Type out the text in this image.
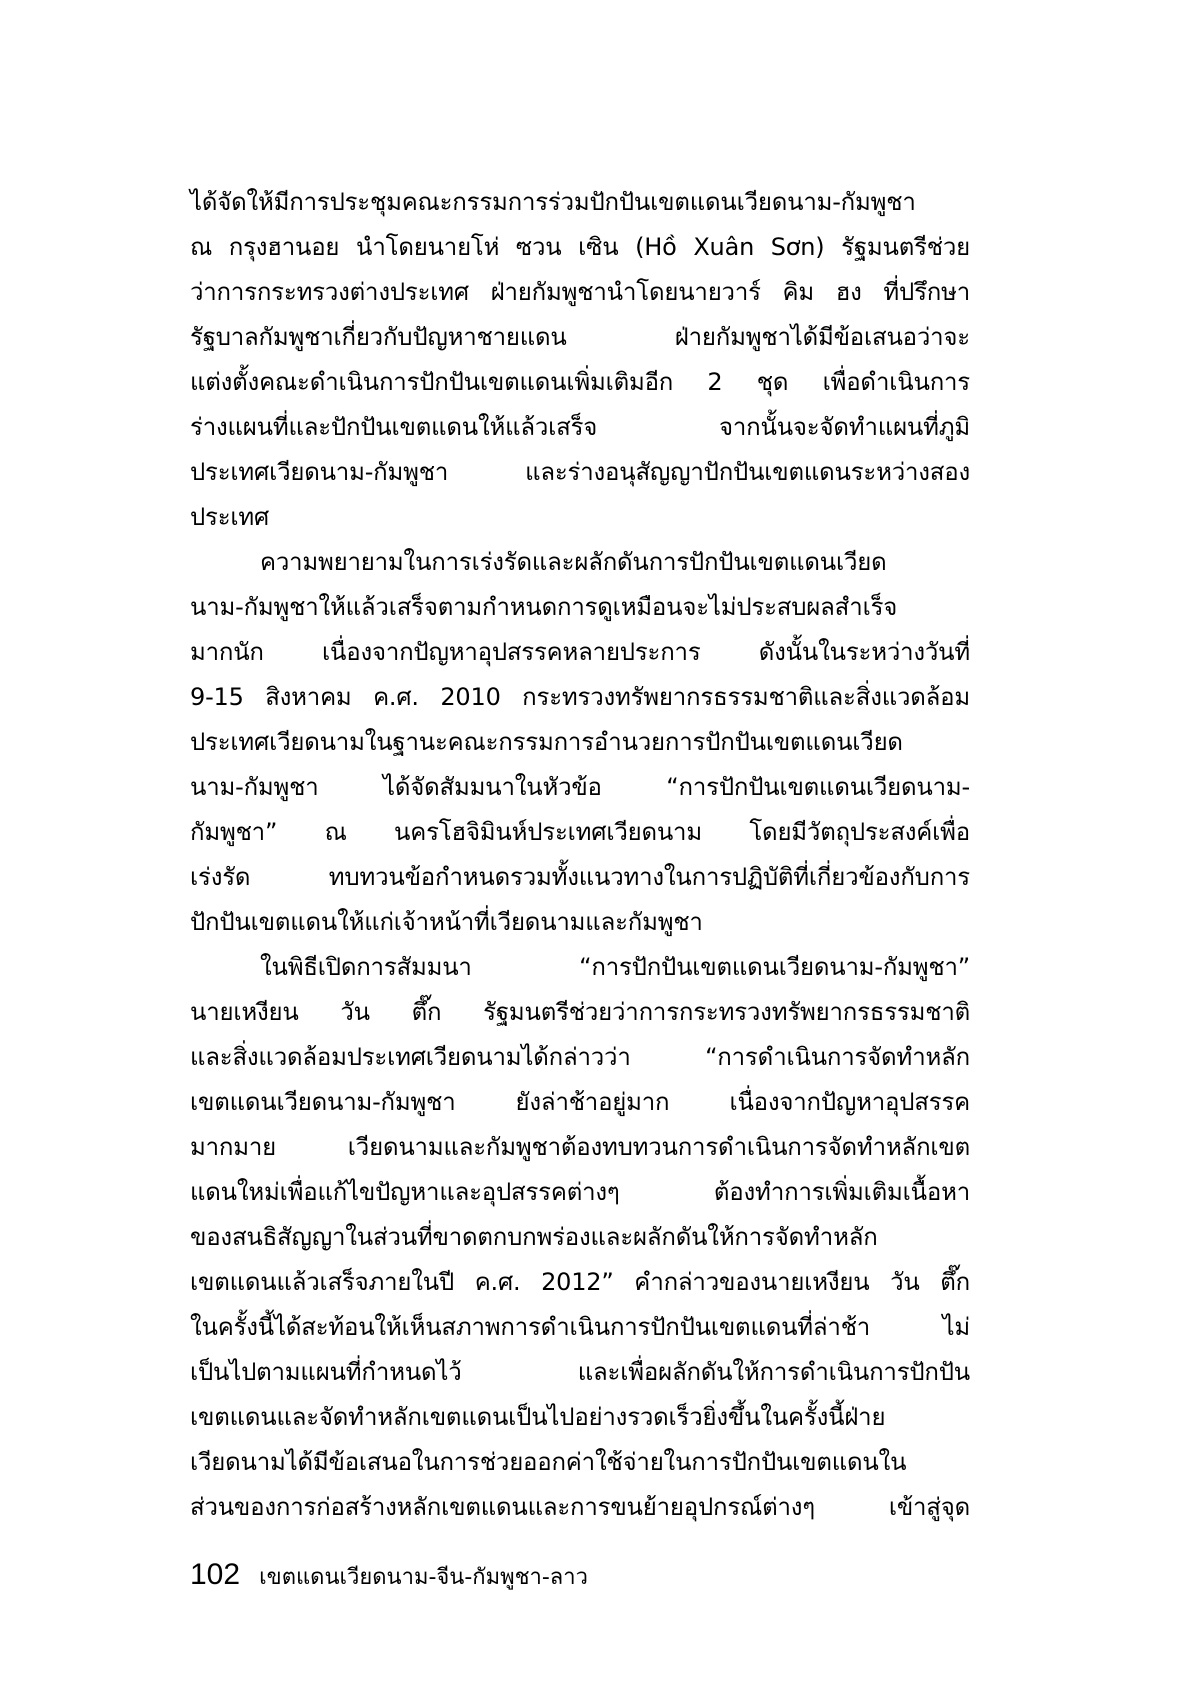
ได้จัดให้มีการประชุมคณะกรรมการร่วมปักปันเขตแดนเวียดนาม-กัมพูชา
ณ กรุงฮานอย นำโดยนายโห่ ซวน เซิน (Hồ Xuân Sơn) รัฐมนตรีช่วย
ว่าการกระทรวงต่างประเทศ ฝ่ายกัมพูชานำโดยนายวาร์ คิม ฮง ที่ปรึกษา
รัฐบาลกัมพูชาเกี่ยวกับปัญหาชายแดน ฝ่ายกัมพูชาได้มีข้อเสนอว่าจะ
แต่งตั้งคณะดำเนินการปักปันเขตแดนเพิ่มเติมอีก 2 ชุด เพื่อดำเนินการ
ร่างแผนที่และปักปันเขตแดนให้แล้วเสร็จ จากนั้นจะจัดทำแผนที่ภูมิ
ประเทศเวียดนาม-กัมพูชา และร่างอนุสัญญาปักปันเขตแดนระหว่างสอง
ประเทศ
ความพยายามในการเร่งรัดและผลักดันการปักปันเขตแดนเวียด
นาม-กัมพูชาให้แล้วเสร็จตามกำหนดการดูเหมือนจะไม่ประสบผลสำเร็จ
มากนัก เนื่องจากปัญหาอุปสรรคหลายประการ ดังนั้นในระหว่างวันที่
9-15 สิงหาคม ค.ศ. 2010 กระทรวงทรัพยากรธรรมชาติและสิ่งแวดล้อม
ประเทศเวียดนามในฐานะคณะกรรมการอำนวยการปักปันเขตแดนเวียด
นาม-กัมพูชา ได้จัดสัมมนาในหัวข้อ “การปักปันเขตแดนเวียดนาม-
กัมพูชา” ณ นครโฮจิมินห์ประเทศเวียดนาม โดยมีวัตถุประสงค์เพื่อ
เร่งรัด ทบทวนข้อกำหนดรวมทั้งแนวทางในการปฏิบัติที่เกี่ยวข้องกับการ
ปักปันเขตแดนให้แก่เจ้าหน้าที่เวียดนามและกัมพูชา
ในพิธีเปิดการสัมมนา “การปักปันเขตแดนเวียดนาม-กัมพูชา”
นายเหงียน วัน ตึ๊ก รัฐมนตรีช่วยว่าการกระทรวงทรัพยากรธรรมชาติ
และสิ่งแวดล้อมประเทศเวียดนามได้กล่าวว่า “การดำเนินการจัดทำหลัก
เขตแดนเวียดนาม-กัมพูชา ยังล่าช้าอยู่มาก เนื่องจากปัญหาอุปสรรค
มากมาย เวียดนามและกัมพูชาต้องทบทวนการดำเนินการจัดทำหลักเขต
แดนใหม่เพื่อแก้ไขปัญหาและอุปสรรคต่างๆ ต้องทำการเพิ่มเติมเนื้อหา
ของสนธิสัญญาในส่วนที่ขาดตกบกพร่องและผลักดันให้การจัดทำหลัก
เขตแดนแล้วเสร็จภายในปี ค.ศ. 2012” คำกล่าวของนายเหงียน วัน ตึ๊ก
ในครั้งนี้ได้สะท้อนให้เห็นสภาพการดำเนินการปักปันเขตแดนที่ล่าช้า ไม่
เป็นไปตามแผนที่กำหนดไว้ และเพื่อผลักดันให้การดำเนินการปักปัน
เขตแดนและจัดทำหลักเขตแดนเป็นไปอย่างรวดเร็วยิ่งขึ้นในครั้งนี้ฝ่าย
เวียดนามได้มีข้อเสนอในการช่วยออกค่าใช้จ่ายในการปักปันเขตแดนใน
ส่วนของการก่อสร้างหลักเขตแดนและการขนย้ายอุปกรณ์ต่างๆ เข้าสู่จุด
102 เขตแดนเวียดนาม-จีน-กัมพูชา-ลาว
